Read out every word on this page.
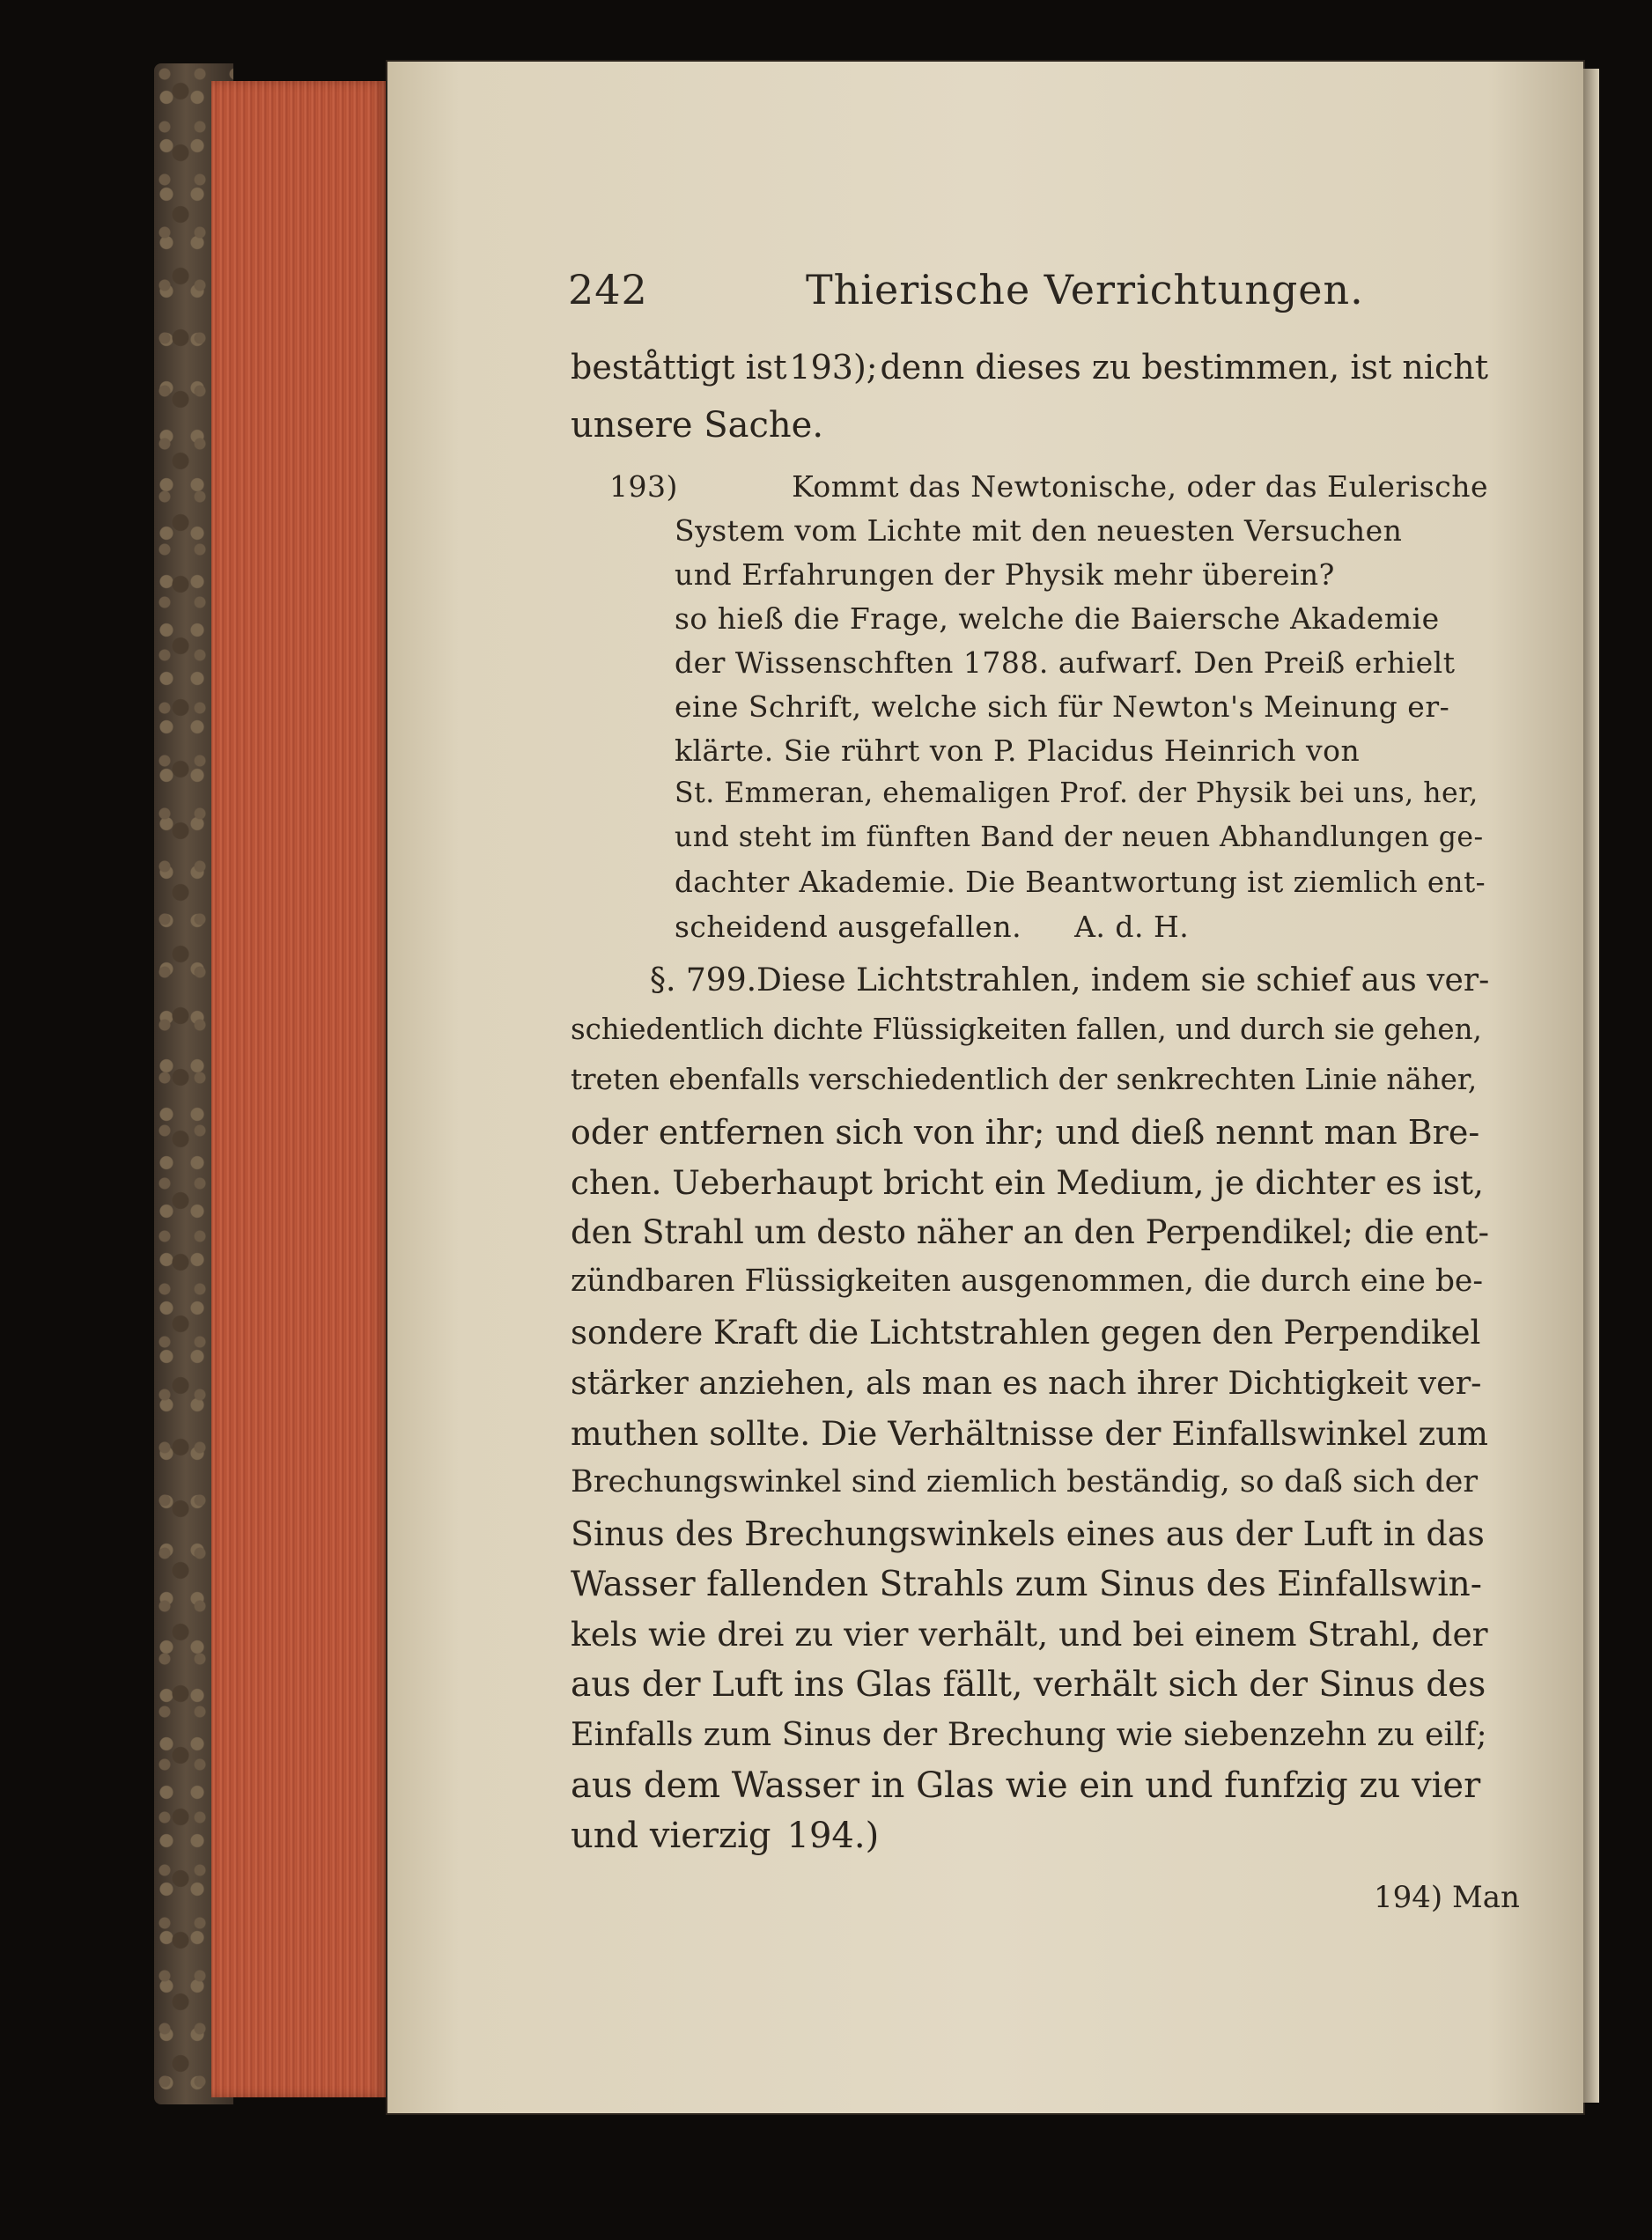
242	Thierische Verrichtungen.
beståttigt ist 193); denn dieses zu bestimmen, ist nicht
unsere Sache.
193)	Kommt das Newtonische, oder das Eulerische
System vom Lichte mit den neuesten Versuchen
und Erfahrungen der Physik mehr überein?
so hieß die Frage, welche die Baiersche Akademie
der Wissenschften 1788. aufwarf. Den Preiß erhielt
eine Schrift, welche sich für Newton's Meinung er-
klärte. Sie rührt von P. Placidus Heinrich von
St. Emmeran, ehemaligen Prof. der Physik bei uns, her,
und steht im fünften Band der neuen Abhandlungen ge-
dachter Akademie. Die Beantwortung ist ziemlich ent-
scheidend ausgefallen. A. d. H.
§. 799. Diese Lichtstrahlen, indem sie schief aus ver-
schiedentlich dichte Flüssigkeiten fallen, und durch sie gehen,
treten ebenfalls verschiedentlich der senkrechten Linie näher,
oder entfernen sich von ihr; und dieß nennt man Bre-
chen. Ueberhaupt bricht ein Medium, je dichter es ist,
den Strahl um desto näher an den Perpendikel; die ent-
zündbaren Flüssigkeiten ausgenommen, die durch eine be-
sondere Kraft die Lichtstrahlen gegen den Perpendikel
stärker anziehen, als man es nach ihrer Dichtigkeit ver-
muthen sollte. Die Verhältnisse der Einfallswinkel zum
Brechungswinkel sind ziemlich beständig, so daß sich der
Sinus des Brechungswinkels eines aus der Luft in das
Wasser fallenden Strahls zum Sinus des Einfallswin-
kels wie drei zu vier verhält, und bei einem Strahl, der
aus der Luft ins Glas fällt, verhält sich der Sinus des
Einfalls zum Sinus der Brechung wie siebenzehn zu eilf;
aus dem Wasser in Glas wie ein und funfzig zu vier
und vierzig 194.)
194) Man
